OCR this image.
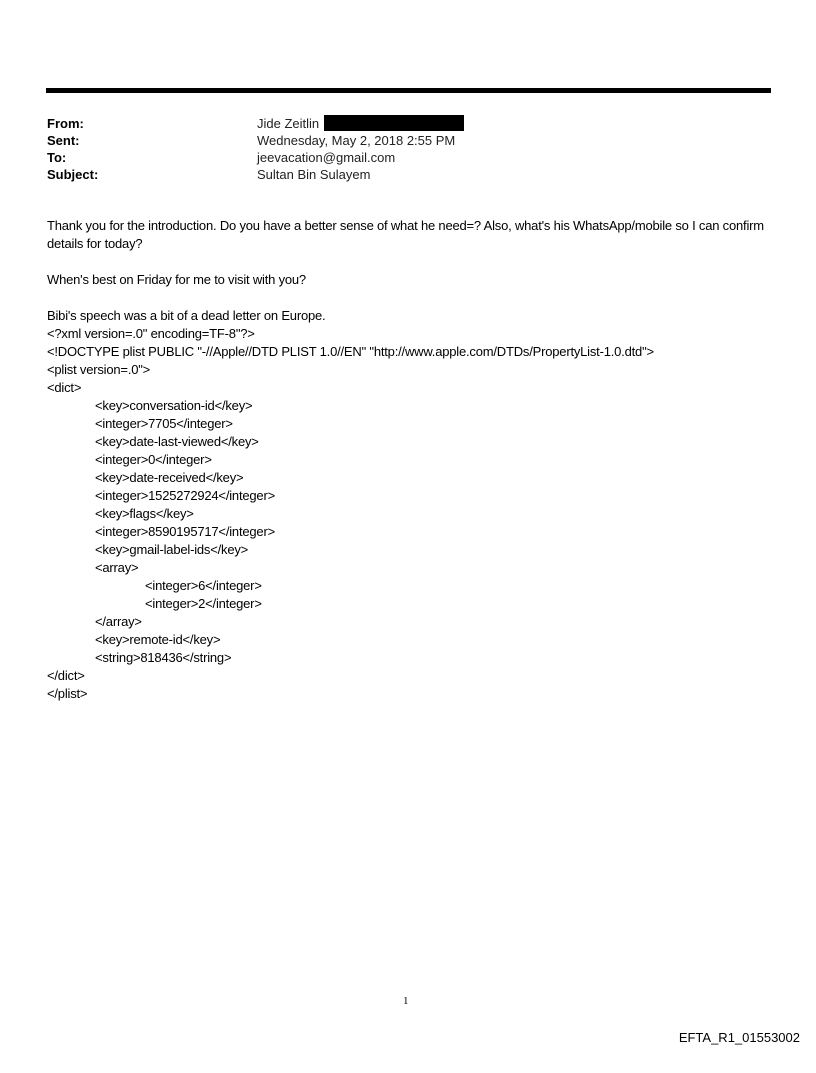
From:	Jide Zeitlin
Sent:	Wednesday, May 2, 2018 2:55 PM
To:	jeevacation@gmail.com
Subject:	Sultan Bin Sulayem

Thank you for the introduction. Do you have a better sense of what he need=? Also, what's his WhatsApp/mobile so I can confirm details for today?

When's best on Friday for me to visit with you?

Bibi's speech was a bit of a dead letter on Europe.
<?xml version=.0" encoding=TF-8"?>
<!DOCTYPE plist PUBLIC "-//Apple//DTD PLIST 1.0//EN" "http://www.apple.com/DTDs/PropertyList-1.0.dtd">
<plist version=.0">
<dict>
<key>conversation-id</key>
<integer>7705</integer>
<key>date-last-viewed</key>
<integer>0</integer>
<key>date-received</key>
<integer>1525272924</integer>
<key>flags</key>
<integer>8590195717</integer>
<key>gmail-label-ids</key>
<array>
<integer>6</integer>
<integer>2</integer>
</array>
<key>remote-id</key>
<string>818436</string>
</dict>
</plist>
1
EFTA_R1_01553002
